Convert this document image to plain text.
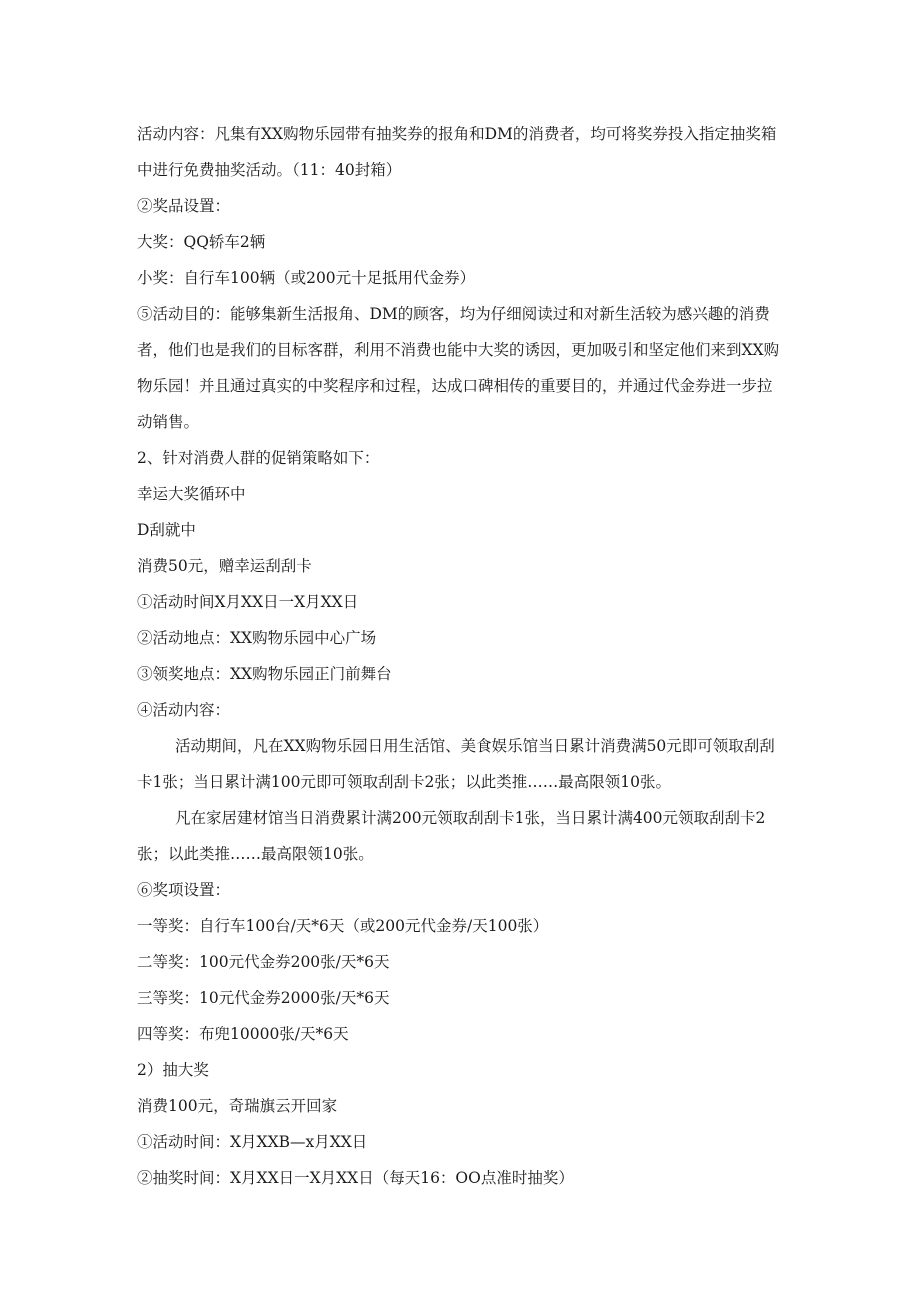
活动内容：凡集有XX购物乐园带有抽奖券的报角和DM的消费者，均可将奖券投入指定抽奖箱

中进行免费抽奖活动。（11：40封箱）

②奖品设置：

大奖：QQ轿车2辆

小奖：自行车100辆（或200元十足抵用代金券）

⑤活动目的：能够集新生活报角、DM的顾客，均为仔细阅读过和对新生活较为感兴趣的消费

者，他们也是我们的目标客群，利用不消费也能中大奖的诱因，更加吸引和坚定他们来到XX购

物乐园！并且通过真实的中奖程序和过程，达成口碑相传的重要目的，并通过代金券进一步拉

动销售。

2、针对消费人群的促销策略如下：

幸运大奖循环中

D刮就中

消费50元，赠幸运刮刮卡

①活动时间X月XX日一X月XX日

②活动地点：XX购物乐园中心广场

③领奖地点：XX购物乐园正门前舞台

④活动内容：

活动期间，凡在XX购物乐园日用生活馆、美食娱乐馆当日累计消费满50元即可领取刮刮

卡1张；当日累计满100元即可领取刮刮卡2张；以此类推……最高限领10张。

凡在家居建材馆当日消费累计满200元领取刮刮卡1张，当日累计满400元领取刮刮卡2

张；以此类推……最高限领10张。

⑥奖项设置：

一等奖：自行车100台/天*6天（或200元代金券/天100张）

二等奖：100元代金券200张/天*6天

三等奖：10元代金券2000张/天*6天

四等奖：布兜10000张/天*6天

2）抽大奖

消费100元，奇瑞旗云开回家

①活动时间：X月XXB—x月XX日

②抽奖时间：X月XX日一X月XX日（每天16：OO点准时抽奖）
